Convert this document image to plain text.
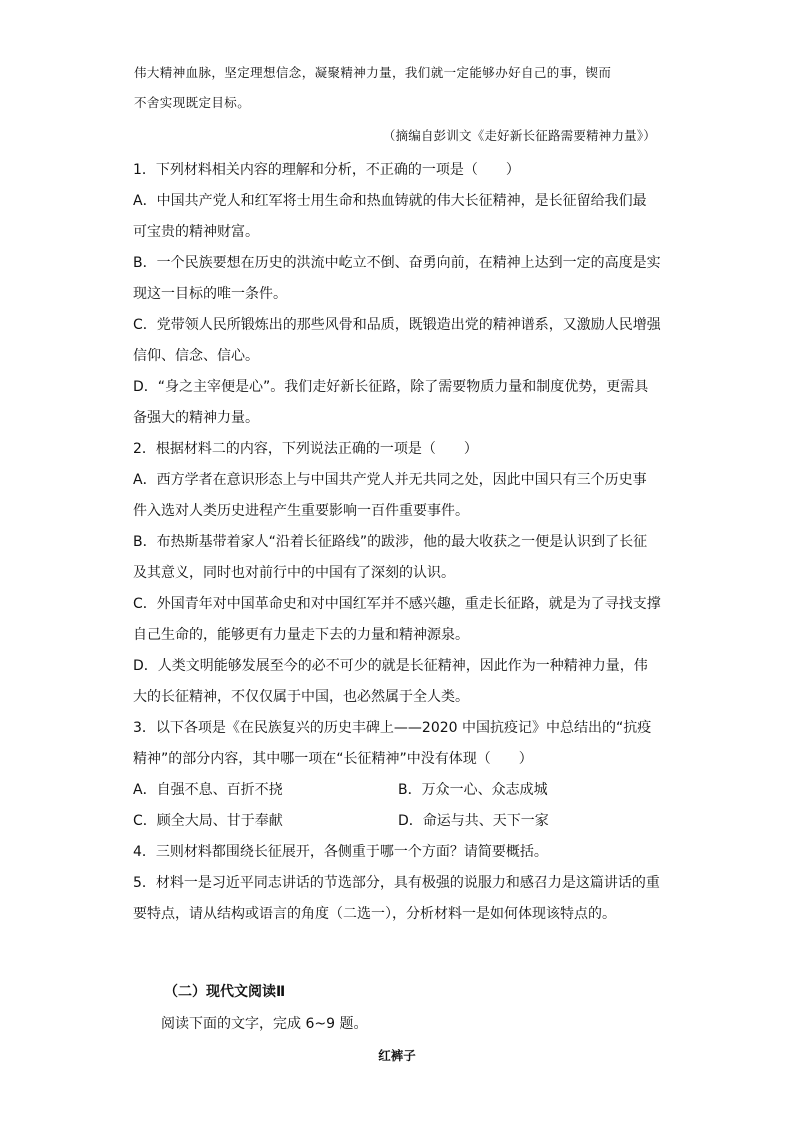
伟大精神血脉，坚定理想信念，凝聚精神力量，我们就一定能够办好自己的事，锲而

不舍实现既定目标。

（摘编自彭训文《走好新长征路需要精神力量》）
1．下列材料相关内容的理解和分析，不正确的一项是（　　）
A．中国共产党人和红军将士用生命和热血铸就的伟大长征精神，是长征留给我们最
可宝贵的精神财富。
B．一个民族要想在历史的洪流中屹立不倒、奋勇向前，在精神上达到一定的高度是实
现这一目标的唯一条件。
C．党带领人民所锻炼出的那些风骨和品质，既锻造出党的精神谱系，又激励人民增强
信仰、信念、信心。
D．“身之主宰便是心”。我们走好新长征路，除了需要物质力量和制度优势，更需具
备强大的精神力量。
2．根据材料二的内容，下列说法正确的一项是（　　）
A．西方学者在意识形态上与中国共产党人并无共同之处，因此中国只有三个历史事
件入选对人类历史进程产生重要影响一百件重要事件。
B．布热斯基带着家人“沿着长征路线”的跋涉，他的最大收获之一便是认识到了长征
及其意义，同时也对前行中的中国有了深刻的认识。
C．外国青年对中国革命史和对中国红军并不感兴趣，重走长征路，就是为了寻找支撑
自己生命的，能够更有力量走下去的力量和精神源泉。
D．人类文明能够发展至今的必不可少的就是长征精神，因此作为一种精神力量，伟
大的长征精神，不仅仅属于中国，也必然属于全人类。
3．以下各项是《在民族复兴的历史丰碑上——2020 中国抗疫记》中总结出的“抗疫
精神”的部分内容，其中哪一项在“长征精神”中没有体现（　　）
A．自强不息、百折不挠	B．万众一心、众志成城
C．顾全大局、甘于奉献	D．命运与共、天下一家
4．三则材料都围绕长征展开，各侧重于哪一个方面？请简要概括。
5．材料一是习近平同志讲话的节选部分，具有极强的说服力和感召力是这篇讲话的重
要特点，请从结构或语言的角度（二选一），分析材料一是如何体现该特点的。
（二）现代文阅读Ⅱ
阅读下面的文字，完成 6~9 题。
红裤子
